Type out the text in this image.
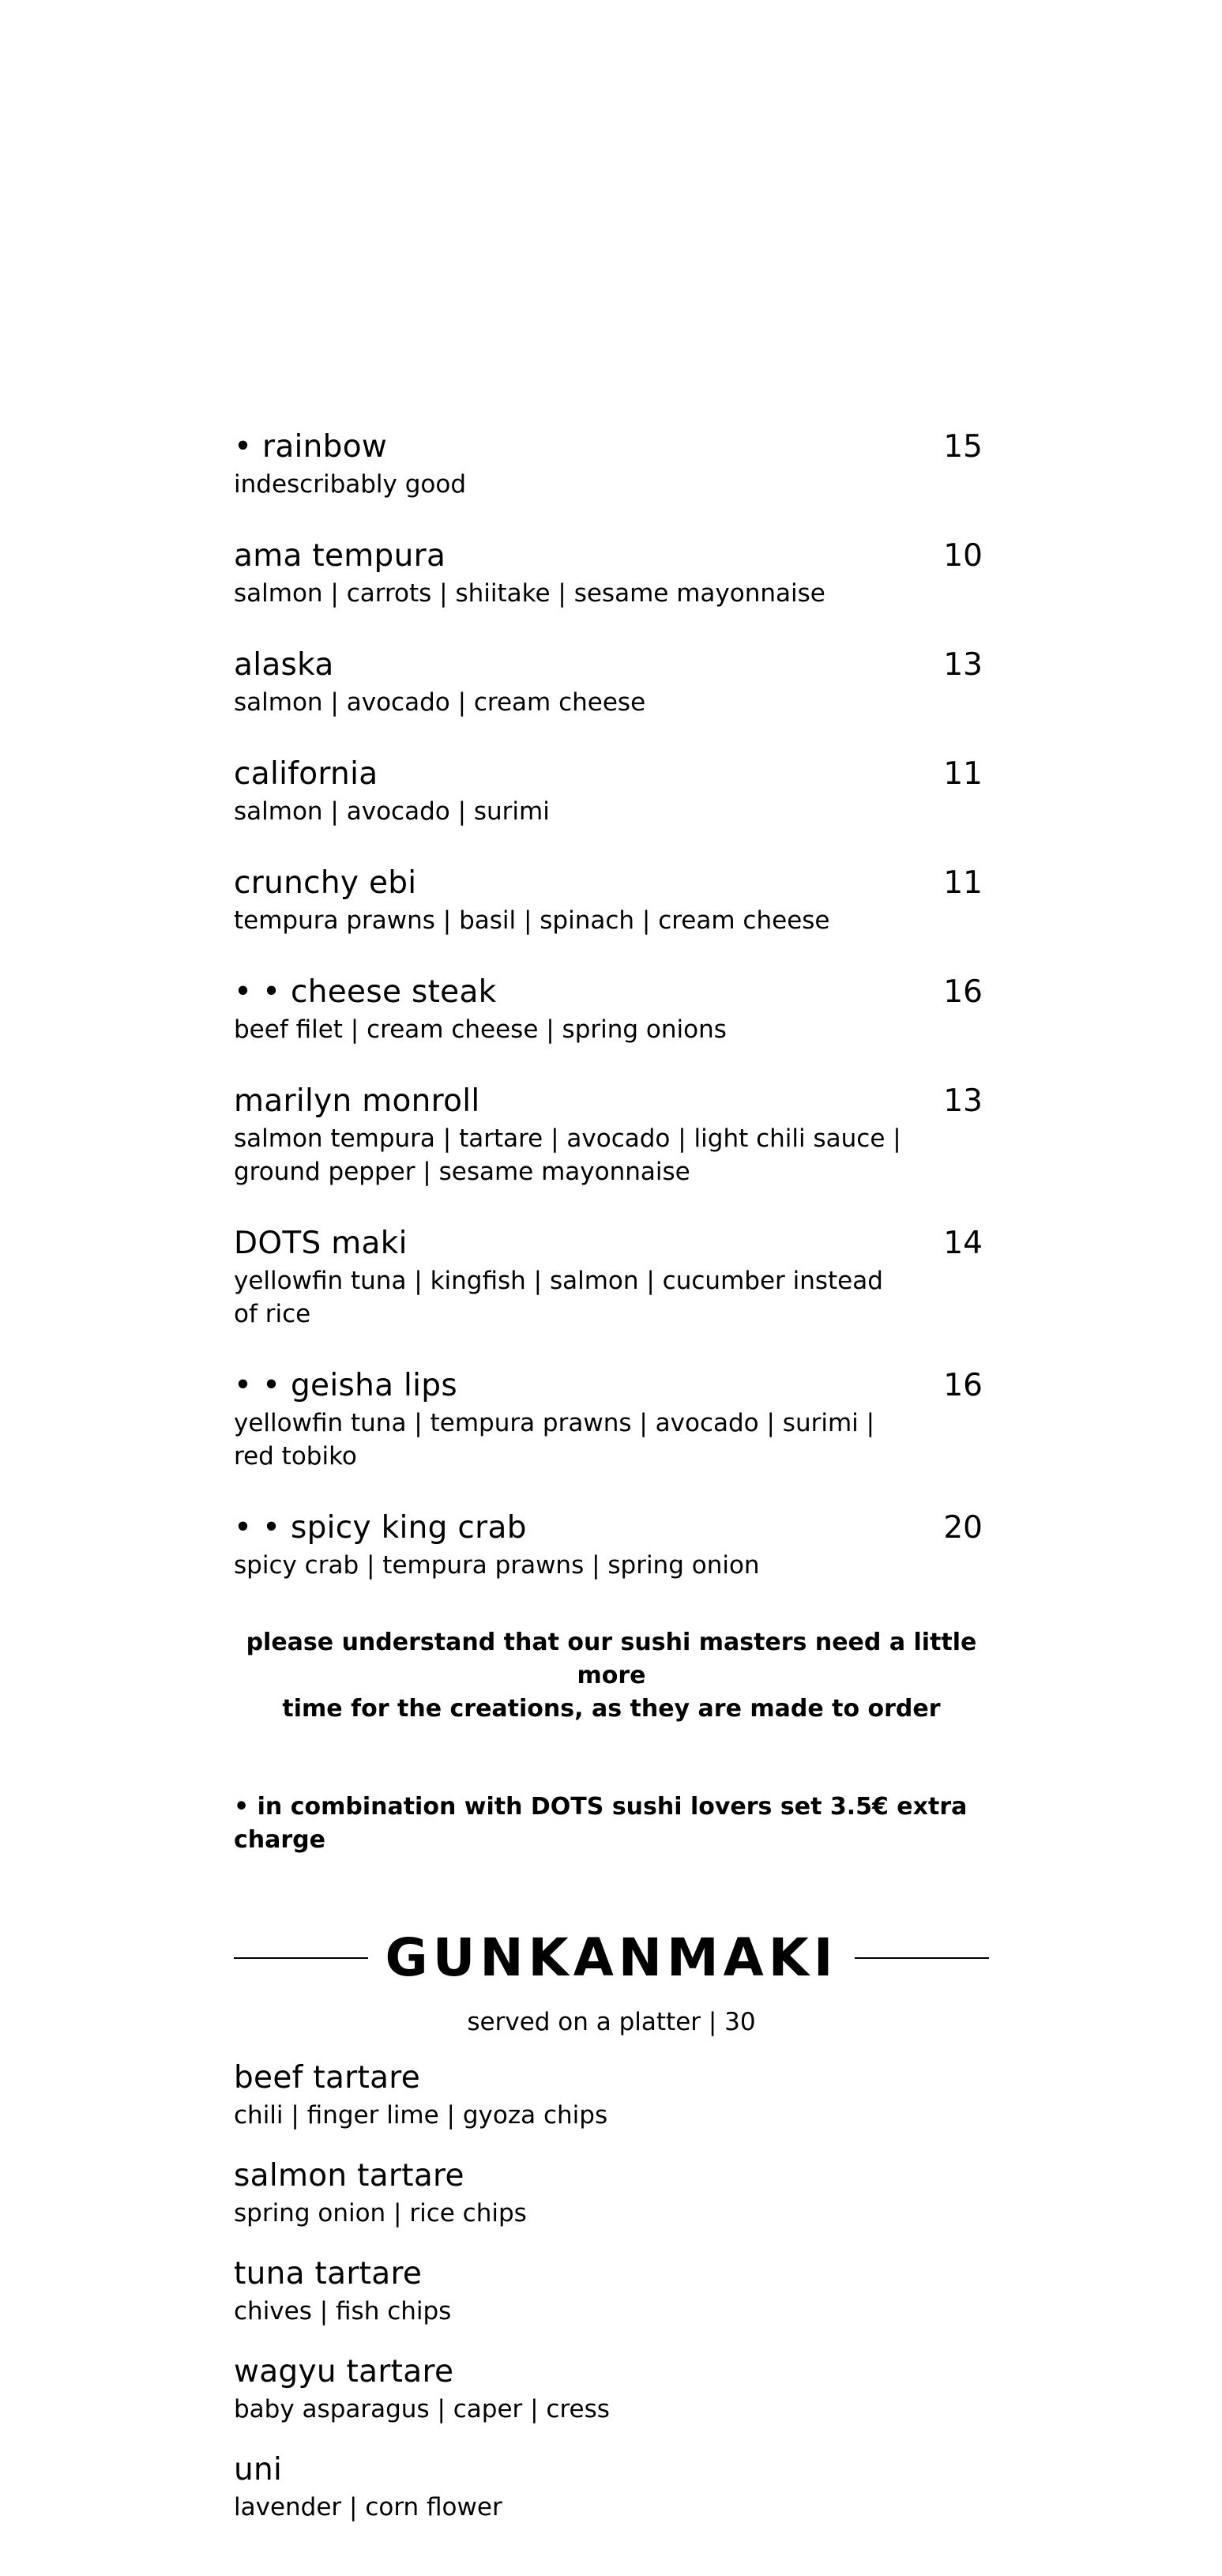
• rainbow	15
indescribably good
ama tempura	10
salmon | carrots | shiitake | sesame mayonnaise
alaska	13
salmon | avocado | cream cheese
california	11
salmon | avocado | surimi
crunchy ebi	11
tempura prawns | basil | spinach | cream cheese
• • cheese steak	16
beef filet | cream cheese | spring onions
marilyn monroll	13
salmon tempura | tartare | avocado | light chili sauce | ground pepper | sesame mayonnaise
DOTS maki	14
yellowfin tuna | kingfish | salmon | cucumber instead of rice
• • geisha lips	16
yellowfin tuna | tempura prawns | avocado | surimi | red tobiko
• • spicy king crab	20
spicy crab | tempura prawns | spring onion
please understand that our sushi masters need a little more
time for the creations, as they are made to order
• in combination with DOTS sushi lovers set 3.5€ extra charge
GUNKANMAKI
served on a platter | 30
beef tartare
chili | finger lime | gyoza chips
salmon tartare
spring onion | rice chips
tuna tartare
chives | fish chips
wagyu tartare
baby asparagus | caper | cress
uni
lavender | corn flower
